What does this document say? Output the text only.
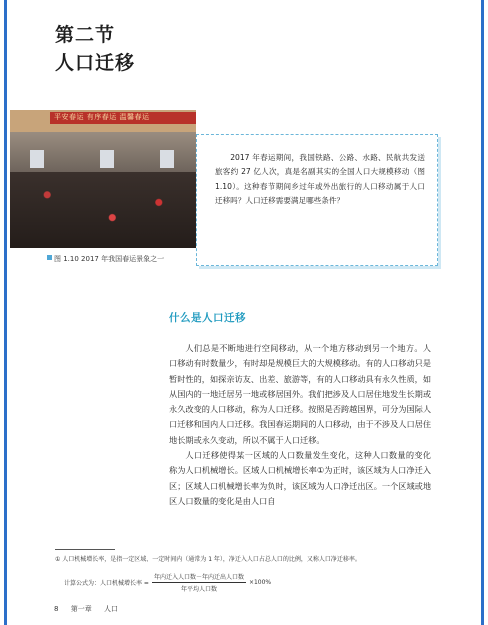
第二节
人口迁移
平安春运 有序春运 温馨春运
2017 年春运期间，我国铁路、公路、水路、民航共发送旅客约 27 亿人次，真是名副其实的全国人口大规模移动（图 1.10）。这种春节期间乡过年或外出旅行的人口移动属于人口迁移吗？人口迁移需要满足哪些条件？
图 1.10 2017 年我国春运景象之一
什么是人口迁移

人们总是不断地进行空间移动，从一个地方移动到另一个地方。人口移动有时数量少，有时却是规模巨大的大规模移动。有的人口移动只是暂时性的，如探亲访友、出差、旅游等，有的人口移动具有永久性质，如从国内的一地迁居另一地或移居国外。我们把涉及人口居住地发生长期或永久改变的人口移动，称为人口迁移。按照是否跨越国界，可分为国际人口迁移和国内人口迁移。我国春运期间的人口移动，由于不涉及人口居住地长期或永久变动，所以不属于人口迁移。

人口迁移使得某一区域的人口数量发生变化，这种人口数量的变化称为人口机械增长。区域人口机械增长率①为正时，该区域为人口净迁入区；区域人口机械增长率为负时，该区域为人口净迁出区。一个区域或地区人口数量的变化是由人口自

① 人口机械增长率，是指一定区域、一定时间内（通常为 1 年），净迁入人口占总人口的比例，又称人口净迁移率。
计算公式为：人口机械增长率 = $\frac{\text{年内迁入人口数－年内迁出人口数}}{\text{年平均人口数}} \times 100\%$
8 第一章 人口
